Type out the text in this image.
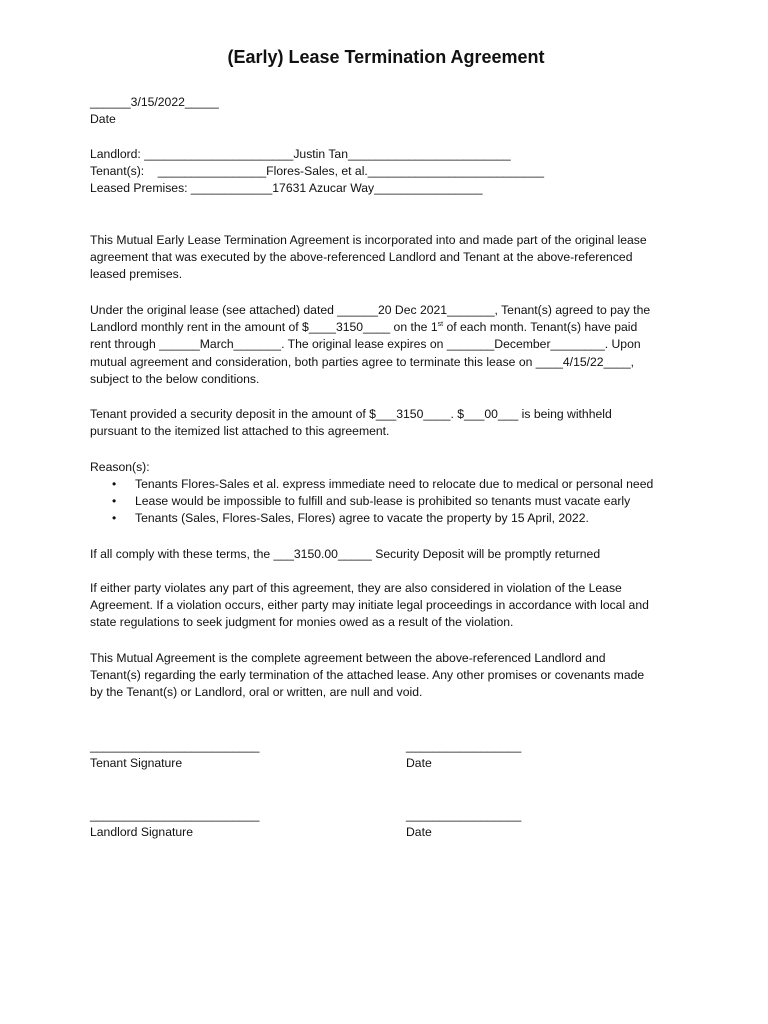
(Early) Lease Termination Agreement
______3/15/2022_____
Date
Landlord: ______________________Justin Tan________________________
Tenant(s):    ________________Flores-Sales, et al.__________________________
Leased Premises: ____________17631 Azucar Way________________
This Mutual Early Lease Termination Agreement is incorporated into and made part of the original lease
agreement that was executed by the above-referenced Landlord and Tenant at the above-referenced
leased premises.
Under the original lease (see attached) dated ______20 Dec 2021_______, Tenant(s) agreed to pay the
Landlord monthly rent in the amount of $____3150____ on the 1st of each month. Tenant(s) have paid
rent through ______March_______. The original lease expires on _______December________. Upon
mutual agreement and consideration, both parties agree to terminate this lease on ____4/15/22____,
subject to the below conditions.
Tenant provided a security deposit in the amount of $___3150____. $___00___ is being withheld
pursuant to the itemized list attached to this agreement.
Reason(s):
• Tenants Flores-Sales et al. express immediate need to relocate due to medical or personal need
• Lease would be impossible to fulfill and sub-lease is prohibited so tenants must vacate early
• Tenants (Sales, Flores-Sales, Flores) agree to vacate the property by 15 April, 2022.
If all comply with these terms, the ___3150.00_____ Security Deposit will be promptly returned
If either party violates any part of this agreement, they are also considered in violation of the Lease
Agreement. If a violation occurs, either party may initiate legal proceedings in accordance with local and
state regulations to seek judgment for monies owed as a result of the violation.
This Mutual Agreement is the complete agreement between the above-referenced Landlord and
Tenant(s) regarding the early termination of the attached lease. Any other promises or covenants made
by the Tenant(s) or Landlord, oral or written, are null and void.
_________________________
Tenant Signature
_________________
Date
_________________________
Landlord Signature
_________________
Date
